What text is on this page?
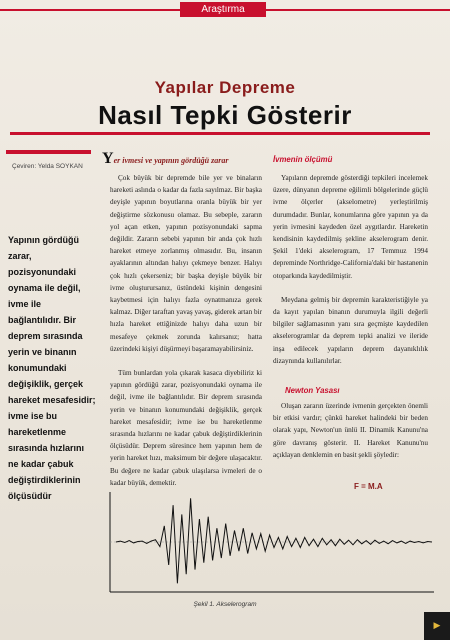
Araştırma
Yapılar Depreme
Nasıl Tepki Gösterir
Çeviren: Yelda SOYKAN
Yapının gördüğü zarar, pozisyonundaki oynama ile değil, ivme ile bağlantılıdır. Bir deprem sırasında yerin ve binanın konumundaki değişiklik, gerçek hareket mesafesidir; ivme ise bu hareketlenme sırasında hızlarını ne kadar çabuk değiştirdiklerinin ölçüsüdür
Yer ivmesi ve yapının gördüğü zarar

Çok büyük bir depremde bile yer ve binaların hareketi aslında o kadar da fazla sayılmaz. Bir başka deyişle yapının boyutlarına oranla büyük bir yer değiştirme sözkonusu olamaz. Bu sebeple, zararın yol açan etken, yapının pozisyonundaki sapma değildir. Zararın sebebi yapının bir anda çok hızlı hareket etmeye zorlanmış olmasıdır. Bu, insanın ayaklarının altından halıyı çekmeye benzer. Halıyı çok hızlı çekerseniz; bir başka deyişle büyük bir ivme oluşturursanız, üstündeki kişinin dengesini kaybetmesi için halıyı fazla oynatmanıza gerek kalmaz. Diğer taraftan yavaş yavaş, giderek artan bir hızla hareket ettiğinizde halıyı daha uzun bir mesafeye çekmek zorunda kalırsanız; hatta üzerindeki kişiyi düşürmeyi başaramayabilirsiniz.

Tüm bunlardan yola çıkarak kasaca diyebiliriz ki yapının gördüğü zarar, pozisyonundaki oynama ile değil, ivme ile bağlantılıdır. Bir deprem sırasında yerin ve binanın konumundaki değişiklik, gerçek hareket mesafesidir; ivme ise bu hareketlenme sırasında hızlarını ne kadar çabuk değiştirdiklerinin ölçüsüdür. Deprem süresince hem yapının hem de yerin hareket hızı, maksimum bir değere ulaşacaktır. Bu değere ne kadar çabuk ulaşılarsa ivmeleri de o kadar büyük, demektir.

İvmenin ölçümü

Yapıların depremde gösterdiği tepkileri incelemek üzere, dünyanın depreme eğilimli bölgelerinde güçlü ivme ölçerler (akselometre) yerleştirilmiş durumdadır. Bunlar, konumlarına göre yapının ya da yerin ivmesini kaydeden özel aygıtlardır. Hareketin kendisinin kaydedilmiş şekline akselerogram denir. Şekil 1'deki akselerogram, 17 Temmuz 1994 depreminde Northridge-California'daki bir hastanenin otoparkında kaydedilmiştir.

Meydana gelmiş bir depremin karakteristiğiyle ya da kayıt yapılan binanın durumuyla ilgili değerli bilgiler sağlamasının yanı sıra geçmişte kaydedilen akselerogramlar da deprem tepki analizi ve ileride inşa edilecek yapıların deprem dayanıklılık dizaynında kullanılırlar.

Newton Yasası

Oluşan zararın üzerinde ivmenin gerçekten önemli bir etkisi vardır; çünkü hareket halindeki bir beden olarak yapı, Newton'un ünlü II. Dinamik Kanunu'na göre davranış gösterir. II. Hareket Kanunu'nu açıklayan denklemin en basit şekli şöyledir:

F = M.A
Şekil 1. Akselerogram
▶
